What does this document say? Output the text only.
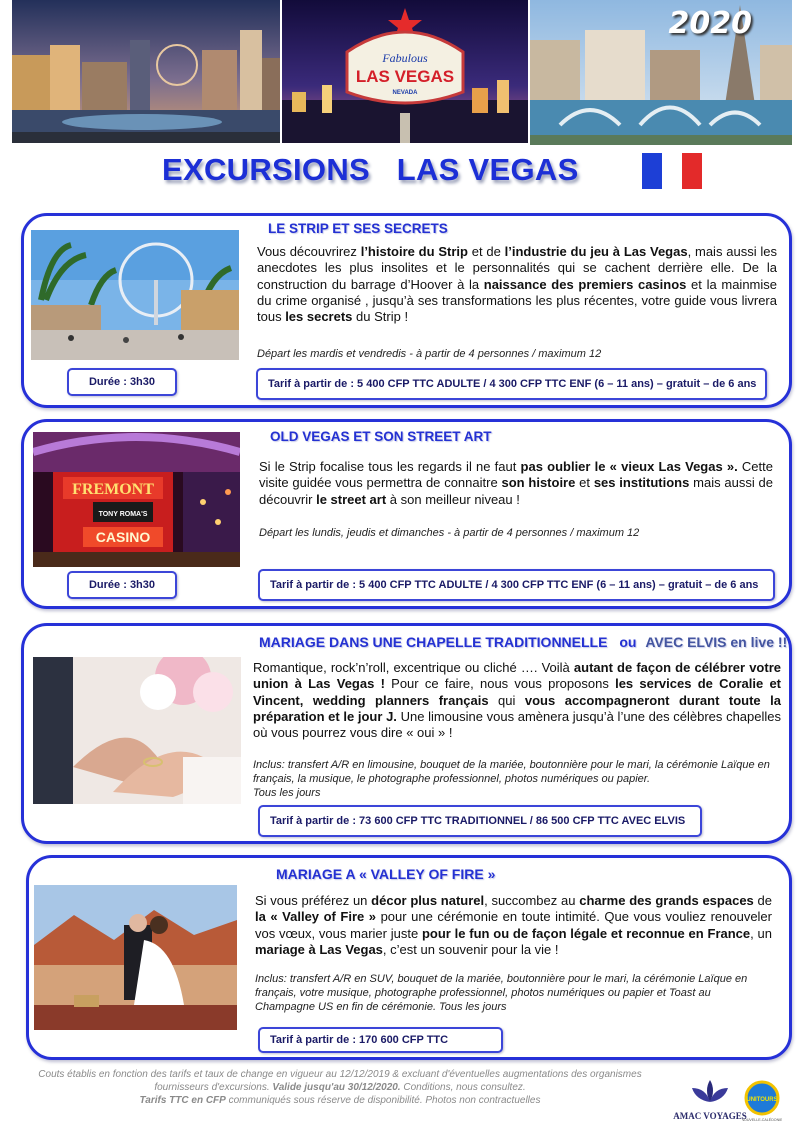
Fabulous
LAS VEGAS
NEVADA
2020
EXCURSIONS   LAS VEGAS
LE STRIP ET SES SECRETS
Vous découvrirez l’histoire du Strip et de l’industrie du jeu à Las Vegas, mais aussi les anecdotes les plus insolites et le personnalités qui se cachent derrière elle. De la construction du barrage d’Hoover à la naissance des premiers casinos et la mainmise du crime organisé , jusqu’à ses transformations les plus récentes, votre guide vous livrera tous les secrets du Strip !
Départ les mardis et vendredis - à partir de 4 personnes / maximum 12
Durée : 3h30	Tarif à partir de : 5 400 CFP TTC ADULTE / 4 300 CFP TTC ENF (6 – 11 ans) – gratuit – de 6 ans
OLD VEGAS ET SON STREET ART
FREMONT
TONY ROMA'S
CASINO
Si le Strip focalise tous les regards il ne faut pas oublier le « vieux Las Vegas ». Cette visite guidée vous permettra de connaitre son histoire et ses institutions mais aussi de découvrir le street art à son meilleur niveau !
Départ les lundis, jeudis et dimanches - à partir de 4 personnes / maximum 12
Durée : 3h30	Tarif à partir de : 5 400 CFP TTC ADULTE / 4 300 CFP TTC ENF (6 – 11 ans) – gratuit – de 6 ans
MARIAGE DANS UNE CHAPELLE TRADITIONNELLE ou AVEC ELVIS en live !!
Romantique, rock’n’roll, excentrique ou cliché …. Voilà autant de façon de célébrer votre union à Las Vegas ! Pour ce faire, nous vous proposons les services de Coralie et Vincent, wedding planners français qui vous accompagneront durant toute la préparation et le jour J. Une limousine vous amènera jusqu’à l’une des célèbres chapelles où vous pourrez vous dire « oui » !
Inclus: transfert A/R en limousine, bouquet de la mariée, boutonnière pour le mari, la cérémonie Laïque en français, la musique, le photographe professionnel, photos numériques ou papier.
Tous les jours
Tarif à partir de : 73 600 CFP TTC TRADITIONNEL / 86 500 CFP TTC AVEC ELVIS
MARIAGE A « VALLEY OF FIRE »
Si vous préférez un décor plus naturel, succombez au charme des grands espaces de la « Valley of Fire » pour une cérémonie en toute intimité. Que vous vouliez renouveler vos vœux, vous marier juste pour le fun ou de façon légale et reconnue en France, un mariage à Las Vegas, c’est un souvenir pour la vie !
Inclus: transfert A/R en SUV, bouquet de la mariée, boutonnière pour le mari, la cérémonie Laïque en français, votre musique, photographe professionnel, photos numériques ou papier et Toast au Champagne US en fin de cérémonie. Tous les jours
Tarif à partir de : 170 600 CFP TTC
Couts établis en fonction des tarifs et taux de change en vigueur au 12/12/2019 & excluant d'éventuelles augmentations des organismes fournisseurs d'excursions. Valide jusqu'au 30/12/2020. Conditions, nous consultez.
Tarifs TTC en CFP communiqués sous réserve de disponibilité. Photos non contractuelles
AMAC VOYAGES
UNITOURS
NOUVELLE-CALÉDONIE
